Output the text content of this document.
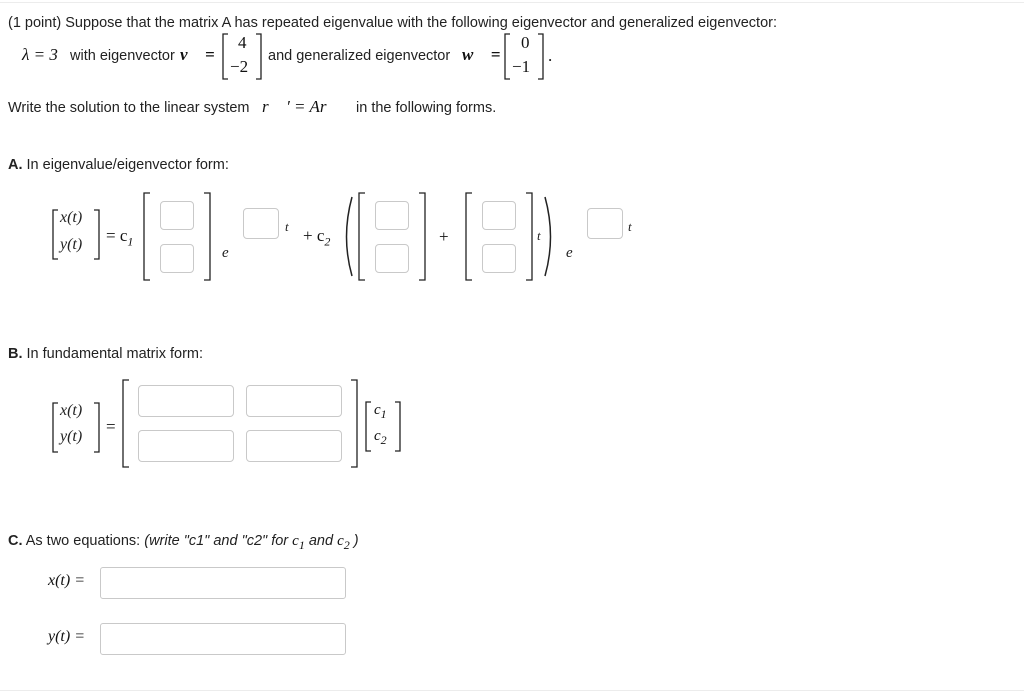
(1 point) Suppose that the matrix A has repeated eigenvalue with the following eigenvector and generalized eigenvector:
λ = 3 with eigenvector v⃗ =
4
−2
and generalized eigenvector w⃗ =
0
−1
.
Write the solution to the linear system r⃗ ′ = Ar⃗ in the following forms.
A. In eigenvalue/eigenvector form:
x(t)
$y(t) = c_1$
e
$t + c_2$	+	t
e
t
B. In fundamental matrix form:
x(t)
y(t)
=
$c_1$
$c_2$
C. As two equations: (write "c1" and "c2" for $c_1$ and $c_2$ )
x(t) =
y(t) =
